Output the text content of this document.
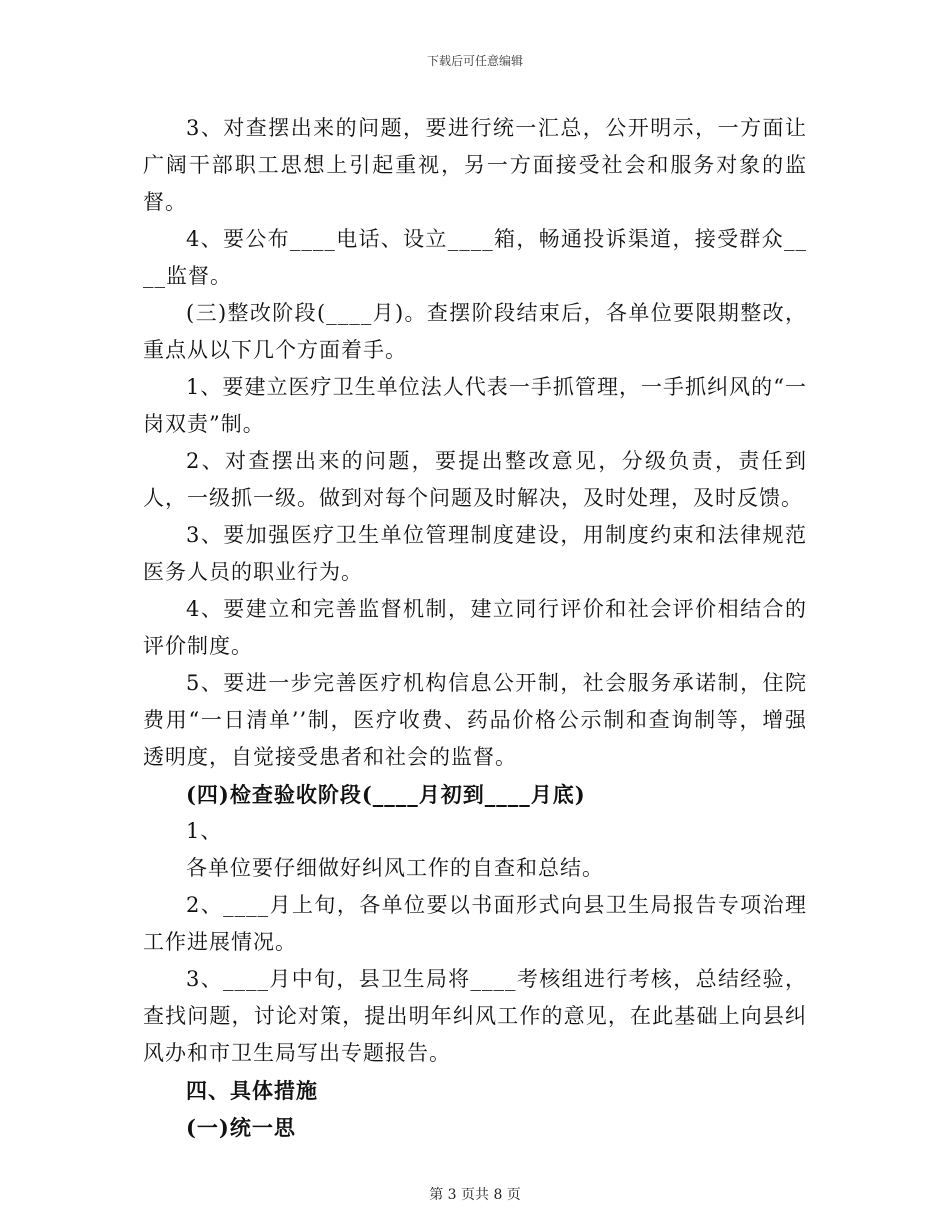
下载后可任意编辑

3、对查摆出来的问题，要进行统一汇总，公开明示，一方面让广阔干部职工思想上引起重视，另一方面接受社会和服务对象的监督。

4、要公布____电话、设立____箱，畅通投诉渠道，接受群众____监督。

(三)整改阶段(____月)。查摆阶段结束后，各单位要限期整改，重点从以下几个方面着手。

1、要建立医疗卫生单位法人代表一手抓管理，一手抓纠风的“一岗双责”制。

2、对查摆出来的问题，要提出整改意见，分级负责，责任到人，一级抓一级。做到对每个问题及时解决，及时处理，及时反馈。

3、要加强医疗卫生单位管理制度建设，用制度约束和法律规范医务人员的职业行为。

4、要建立和完善监督机制，建立同行评价和社会评价相结合的评价制度。

5、要进一步完善医疗机构信息公开制，社会服务承诺制，住院费用“一日清单’’制，医疗收费、药品价格公示制和查询制等，增强透明度，自觉接受患者和社会的监督。

(四)检查验收阶段(____月初到____月底)

1、

各单位要仔细做好纠风工作的自查和总结。

2、____月上旬，各单位要以书面形式向县卫生局报告专项治理工作进展情况。

3、____月中旬，县卫生局将____考核组进行考核，总结经验，查找问题，讨论对策，提出明年纠风工作的意见，在此基础上向县纠风办和市卫生局写出专题报告。

四、具体措施

(一)统一思

第 3 页共 8 页
